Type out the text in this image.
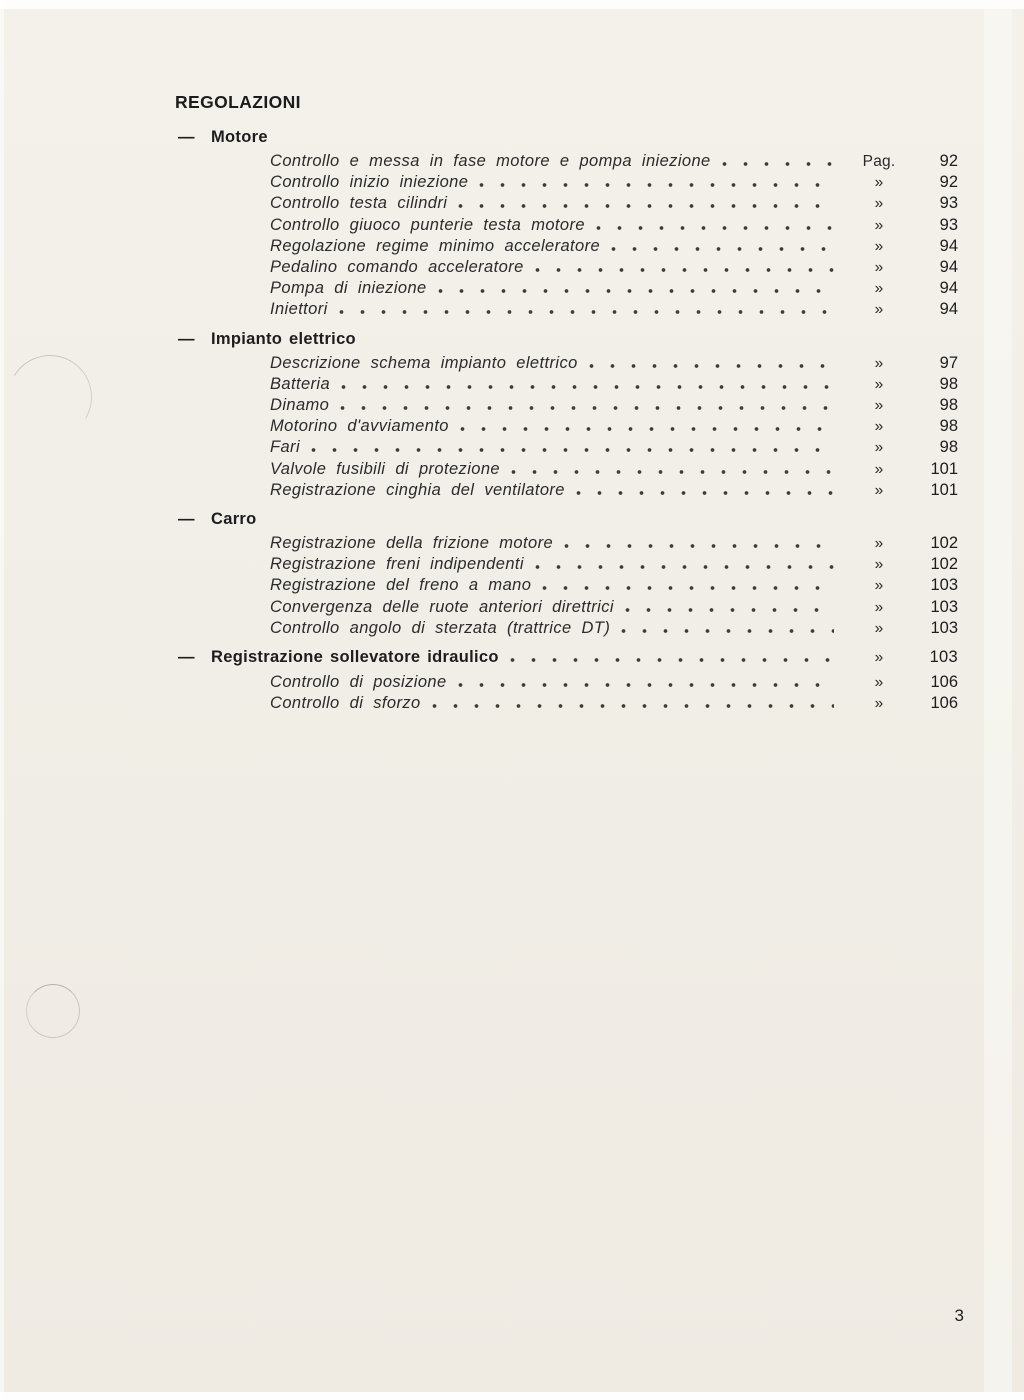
REGOLAZIONI
— Motore
Controllo e messa in fase motore e pompa iniezione	Pag.	92
Controllo inizio iniezione	»	92
Controllo testa cilindri	»	93
Controllo giuoco punterie testa motore	»	93
Regolazione regime minimo acceleratore	»	94
Pedalino comando acceleratore	»	94
Pompa di iniezione	»	94
Iniettori	»	94
— Impianto elettrico
Descrizione schema impianto elettrico	»	97
Batteria	»	98
Dinamo	»	98
Motorino d'avviamento	»	98
Fari	»	98
Valvole fusibili di protezione	»	101
Registrazione cinghia del ventilatore	»	101
— Carro
Registrazione della frizione motore	»	102
Registrazione freni indipendenti	»	102
Registrazione del freno a mano	»	103
Convergenza delle ruote anteriori direttrici	»	103
Controllo angolo di sterzata (trattrice DT)	»	103
— Registrazione sollevatore idraulico	»	103
Controllo di posizione	»	106
Controllo di sforzo	»	106
3
